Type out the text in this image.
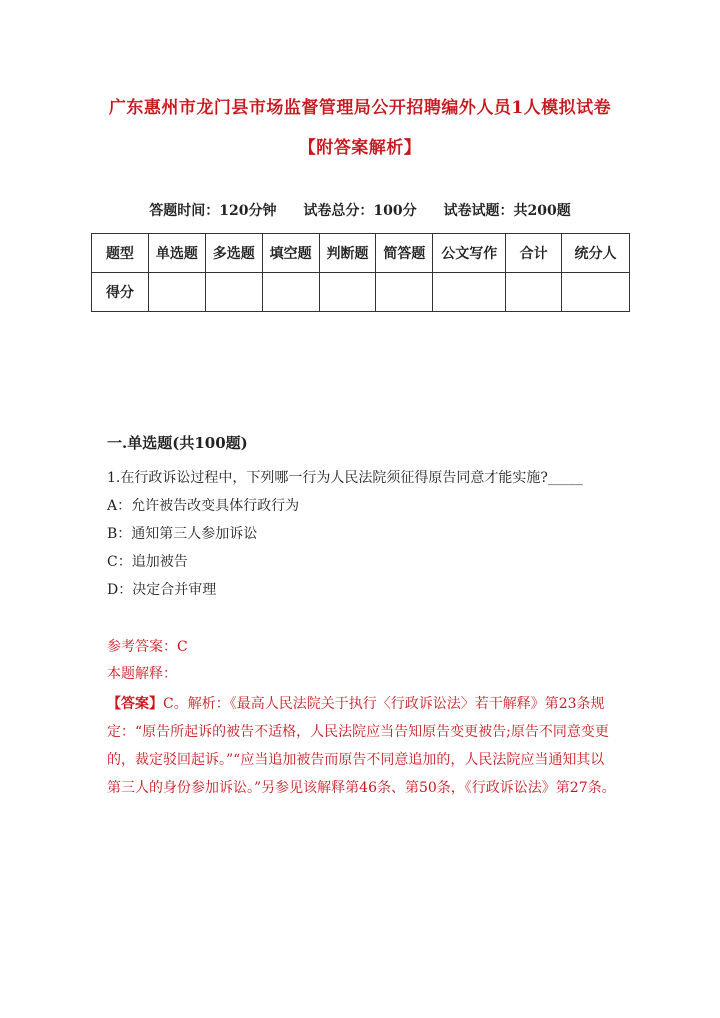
广东惠州市龙门县市场监督管理局公开招聘编外人员1人模拟试卷
【附答案解析】
答题时间：120分钟 试卷总分：100分 试卷试题：共200题
题型	单选题	多选题	填空题	判断题	简答题	公文写作	合计	统分人
得分								
一.单选题(共100题)
1.在行政诉讼过程中，下列哪一行为人民法院须征得原告同意才能实施?_____
A：允许被告改变具体行政行为
B：通知第三人参加诉讼
C：追加被告
D：决定合并审理
参考答案：C
本题解释：

【答案】C。解析：《最高人民法院关于执行〈行政诉讼法〉若干解释》第23条规定：“原告所起诉的被告不适格，人民法院应当告知原告变更被告;原告不同意变更的，裁定驳回起诉。”“应当追加被告而原告不同意追加的，人民法院应当通知其以第三人的身份参加诉讼。”另参见该解释第46条、第50条，《行政诉讼法》第27条。
